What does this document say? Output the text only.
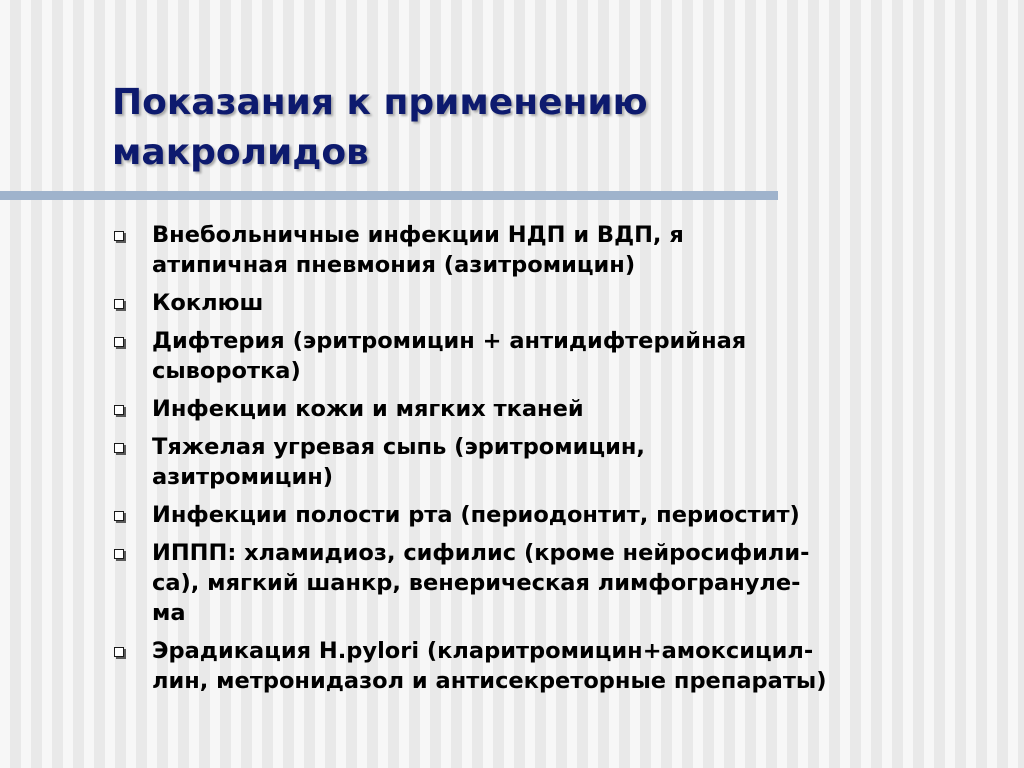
Показания к применению
макролидов
Внебольничные инфекции НДП и ВДП, я
атипичная пневмония (азитромицин)
Коклюш
Дифтерия (эритромицин + антидифтерийная
сыворотка)
Инфекции кожи и мягких тканей
Тяжелая угревая сыпь (эритромицин,
азитромицин)
Инфекции полости рта (периодонтит, периостит)
ИППП: хламидиоз, сифилис (кроме нейросифили-
са), мягкий шанкр, венерическая лимфогрануле-
ма
Эрадикация H.pylori (кларитромицин+амоксицил-
лин, метронидазол и антисекреторные препараты)
